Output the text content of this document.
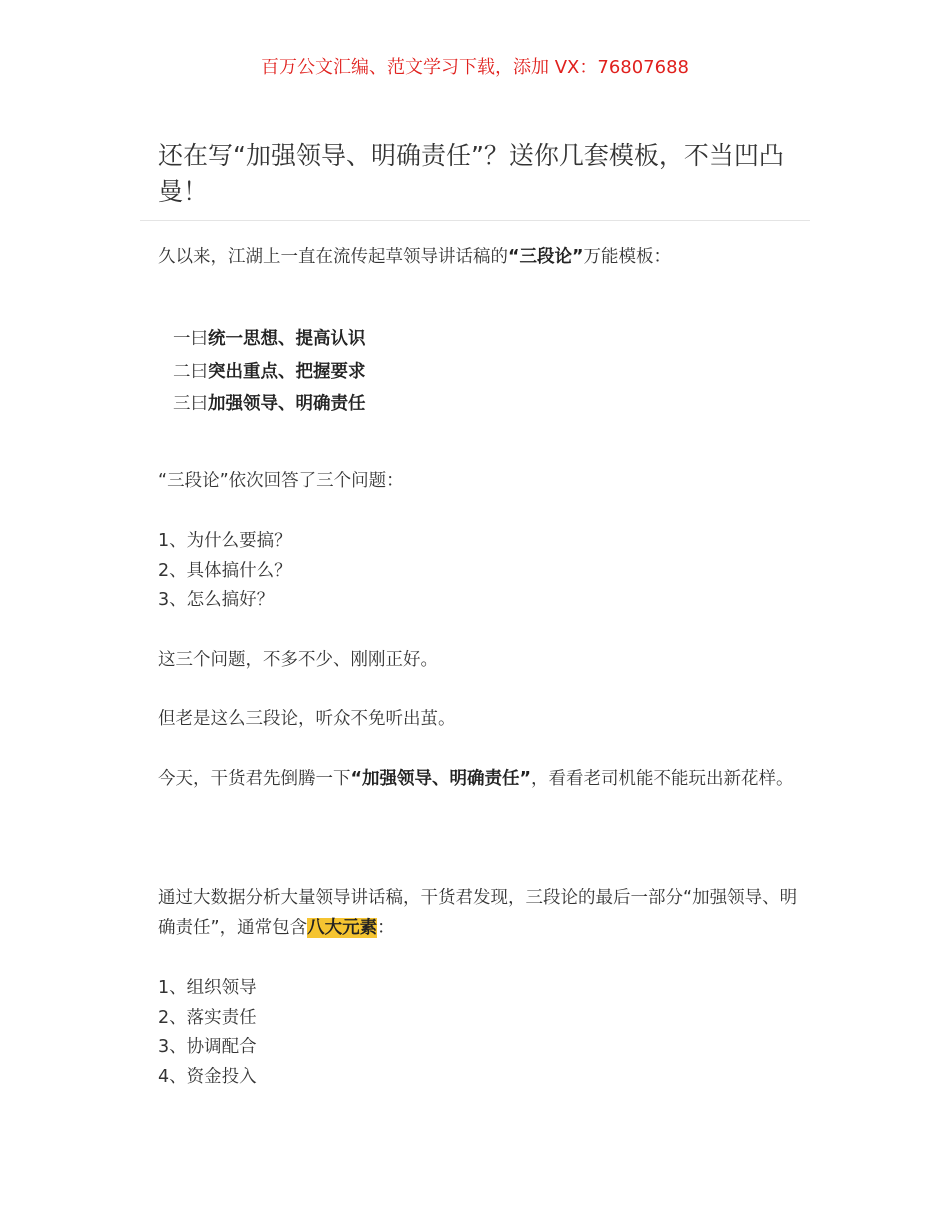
百万公文汇编、范文学习下载，添加 VX：76807688
还在写“加强领导、明确责任”？送你几套模板，不当凹凸曼！

久以来，江湖上一直在流传起草领导讲话稿的“三段论”万能模板：

一曰统一思想、提高认识
二曰突出重点、把握要求
三曰加强领导、明确责任

“三段论”依次回答了三个问题：

1、为什么要搞？
2、具体搞什么？
3、怎么搞好？

这三个问题，不多不少、刚刚正好。

但老是这么三段论，听众不免听出茧。

今天，干货君先倒腾一下“加强领导、明确责任”，看看老司机能不能玩出新花样。

通过大数据分析大量领导讲话稿，干货君发现，三段论的最后一部分“加强领导、明确责任”，通常包含八大元素：

1、组织领导
2、落实责任
3、协调配合
4、资金投入
